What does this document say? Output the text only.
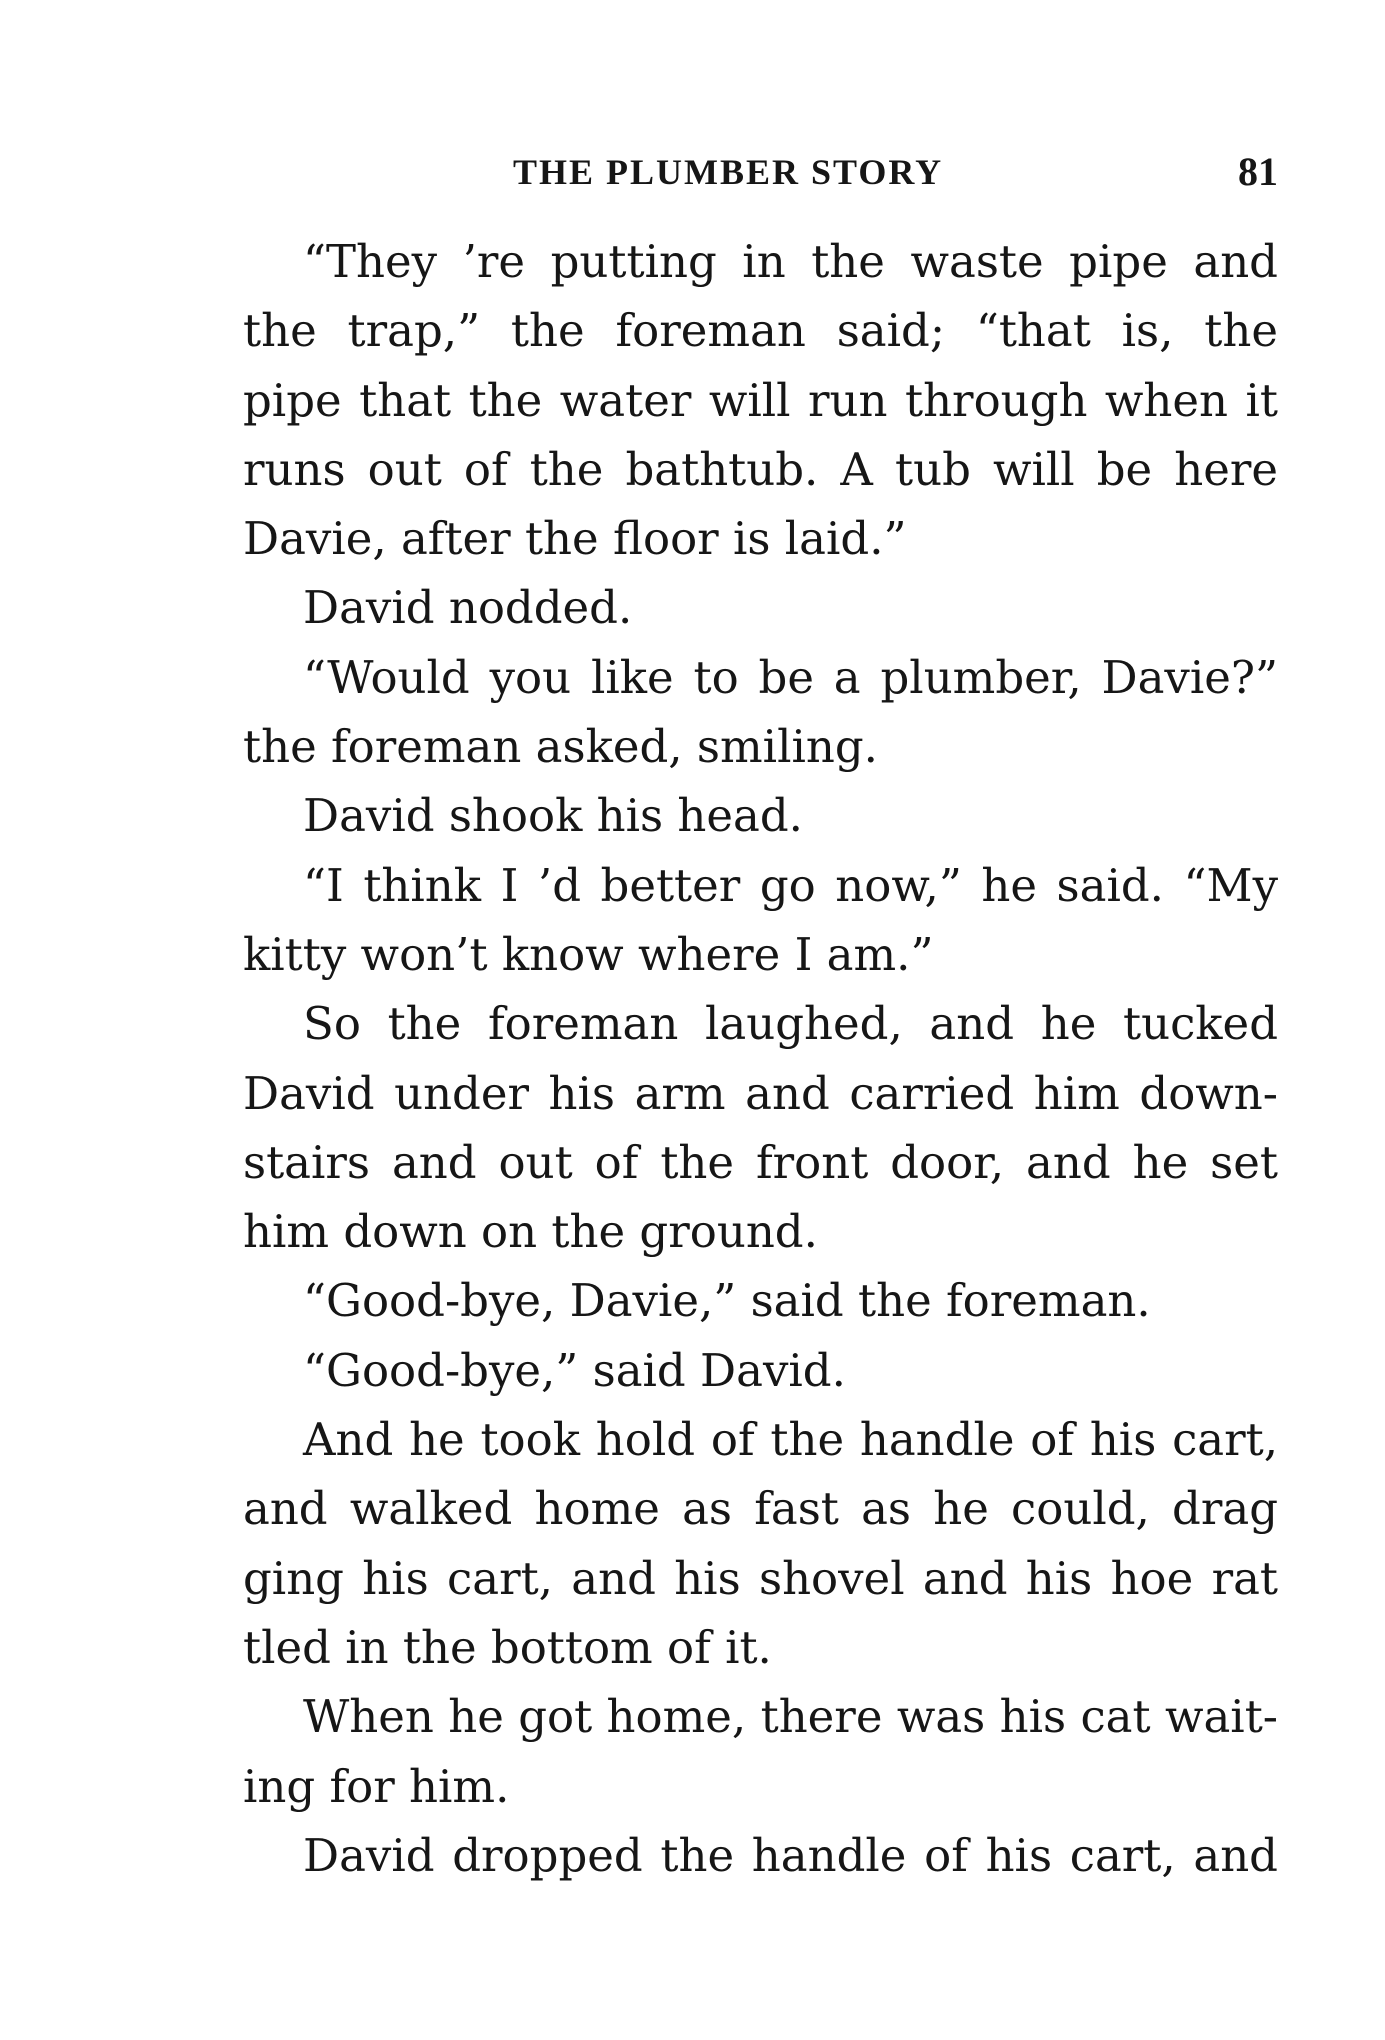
THE PLUMBER STORY	81
“They ’re putting in the waste pipe and
the trap,” the foreman said; “that is, the
pipe that the water will run through when it
runs out of the bathtub. A tub will be here
Davie, after the floor is laid.”
David nodded.
“Would you like to be a plumber, Davie?”
the foreman asked, smiling.
David shook his head.
“I think I ’d better go now,” he said. “My
kitty won’t know where I am.”
So the foreman laughed, and he tucked
David under his arm and carried him down-
stairs and out of the front door, and he set
him down on the ground.
“Good-bye, Davie,” said the foreman.
“Good-bye,” said David.
And he took hold of the handle of his cart,
and walked home as fast as he could, drag
ging his cart, and his shovel and his hoe rat
tled in the bottom of it.
When he got home, there was his cat wait-
ing for him.
David dropped the handle of his cart, and
